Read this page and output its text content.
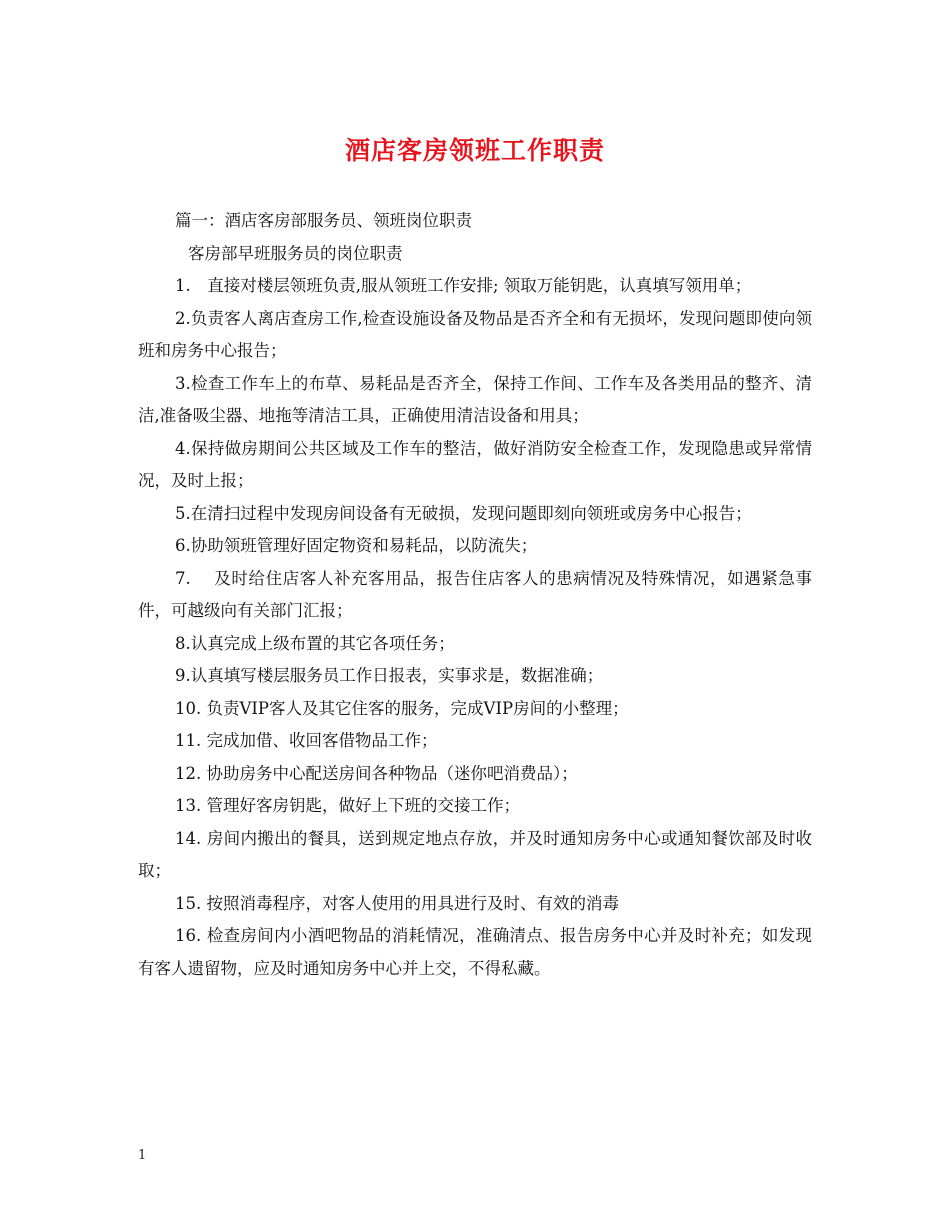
酒店客房领班工作职责

篇一：酒店客房部服务员、领班岗位职责

客房部早班服务员的岗位职责

1.　直接对楼层领班负责,服从领班工作安排; 领取万能钥匙，认真填写领用单；

2.负责客人离店查房工作,检查设施设备及物品是否齐全和有无损坏，发现问题即使向领班和房务中心报告；

3.检查工作车上的布草、易耗品是否齐全，保持工作间、工作车及各类用品的整齐、清洁,准备吸尘器、地拖等清洁工具，正确使用清洁设备和用具；

4.保持做房期间公共区域及工作车的整洁，做好消防安全检查工作，发现隐患或异常情况，及时上报；

5.在清扫过程中发现房间设备有无破损，发现问题即刻向领班或房务中心报告；

6.协助领班管理好固定物资和易耗品，以防流失；

7.　 及时给住店客人补充客用品，报告住店客人的患病情况及特殊情况，如遇紧急事件，可越级向有关部门汇报；

8.认真完成上级布置的其它各项任务；

9.认真填写楼层服务员工作日报表，实事求是，数据准确；

10. 负责VIP客人及其它住客的服务，完成VIP房间的小整理；

11. 完成加借、收回客借物品工作；

12. 协助房务中心配送房间各种物品（迷你吧消费品）；

13. 管理好客房钥匙，做好上下班的交接工作；

14. 房间内搬出的餐具，送到规定地点存放，并及时通知房务中心或通知餐饮部及时收取；

15. 按照消毒程序，对客人使用的用具进行及时、有效的消毒

16. 检查房间内小酒吧物品的消耗情况，准确清点、报告房务中心并及时补充；如发现有客人遗留物，应及时通知房务中心并上交，不得私藏。

1
